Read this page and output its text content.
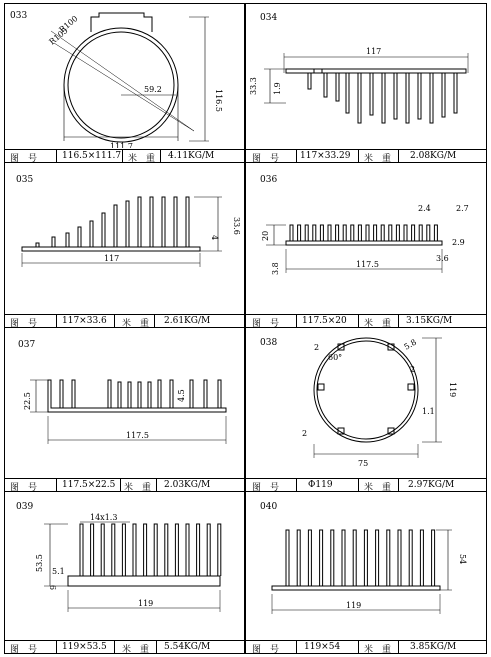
033	R100
R105
59.2
111.7
116.5
图　号	116.5×111.7 米　重 4.11KG/M
034
117
33.3 1.9
图　号 117×33.29 米　重 2.08KG/M
035
33.6
4
117
图　号	117×33.6 米　重 2.61KG/M
036
2.4	2.7
20
2.9
3.8	117.5
3.6
图　号	117.5×20 米　重 3.15KG/M
037
22.5	4.5
117.5
图　号	117.5×22.5 米　重 2.03KG/M
038	2	5.8
60°
2
119
1.1
2
75
图　号	Φ119	米　重 2.97KG/M
039
14x1.3
53.5 5.1
9
119
图　号	119×53.5 米　重 5.54KG/M
040
54
119
图　号	119×54	米　重 3.85KG/M
